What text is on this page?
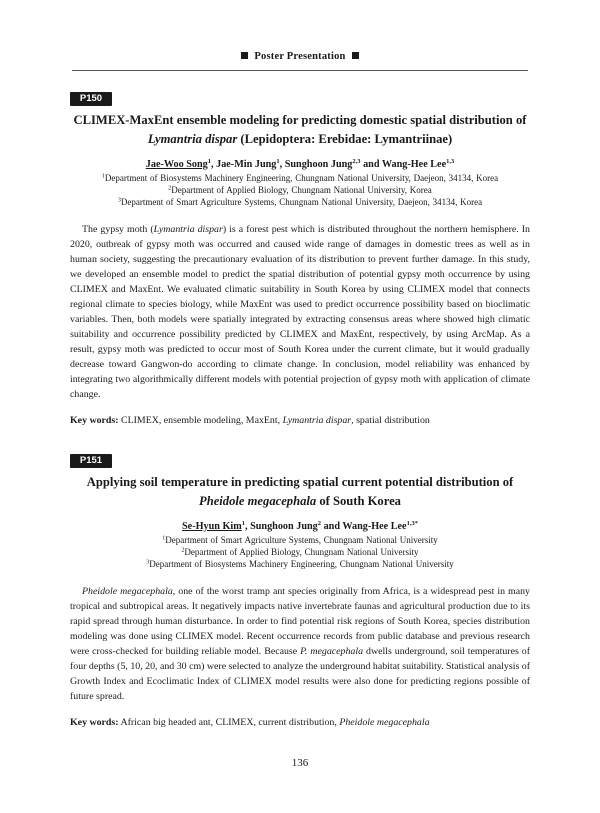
Poster Presentation
P150
CLIMEX-MaxEnt ensemble modeling for predicting domestic spatial distribution of
Lymantria dispar (Lepidoptera: Erebidae: Lymantriinae)
Jae-Woo Song$^1$, Jae-Min Jung$^1$, Sunghoon Jung$^{2,3}$ and Wang-Hee Lee$^{1,3}$
$^1$Department of Biosystems Machinery Engineering, Chungnam National University, Daejeon, 34134, Korea
$^2$Department of Applied Biology, Chungnam National University, Korea
$^3$Department of Smart Agriculture Systems, Chungnam National University, Daejeon, 34134, Korea
The gypsy moth (Lymantria dispar) is a forest pest which is distributed throughout the northern hemisphere. In 2020, outbreak of gypsy moth was occurred and caused wide range of damages in domestic trees as well as in human society, suggesting the precautionary evaluation of its distribution to prevent further damage. In this study, we developed an ensemble model to predict the spatial distribution of potential gypsy moth occurrence by using CLIMEX and MaxEnt. We evaluated climatic suitability in South Korea by using CLIMEX model that connects regional climate to species biology, while MaxEnt was used to predict occurrence possibility based on bioclimatic variables. Then, both models were spatially integrated by extracting consensus areas where showed high climatic suitability and occurrence possibility predicted by CLIMEX and MaxEnt, respectively, by using ArcMap. As a result, gypsy moth was predicted to occur most of South Korea under the current climate, but it would gradually decrease toward Gangwon-do according to climate change. In conclusion, model reliability was enhanced by integrating two algorithmically different models with potential projection of gypsy moth with application of climate change.
Key words: CLIMEX, ensemble modeling, MaxEnt, Lymantria dispar, spatial distribution
P151
Applying soil temperature in predicting spatial current potential distribution of
Pheidole megacephala of South Korea
Se-Hyun Kim$^1$, Sunghoon Jung$^2$ and Wang-Hee Lee$^{1,3*}$
$^1$Department of Smart Agriculture Systems, Chungnam National University
$^2$Department of Applied Biology, Chungnam National University
$^3$Department of Biosystems Machinery Engineering, Chungnam National University
Pheidole megacephala, one of the worst tramp ant species originally from Africa, is a widespread pest in many tropical and subtropical areas. It negatively impacts native invertebrate faunas and agricultural production due to its rapid spread through human disturbance. In order to find potential risk regions of South Korea, species distribution modeling was done using CLIMEX model. Recent occurrence records from public database and previous research were cross-checked for building reliable model. Because P. megacephala dwells underground, soil temperatures of four depths (5, 10, 20, and 30 cm) were selected to analyze the underground habitat suitability. Statistical analysis of Growth Index and Ecoclimatic Index of CLIMEX model results were also done for predicting regions possible of future spread.
Key words: African big headed ant, CLIMEX, current distribution, Pheidole megacephala
136
